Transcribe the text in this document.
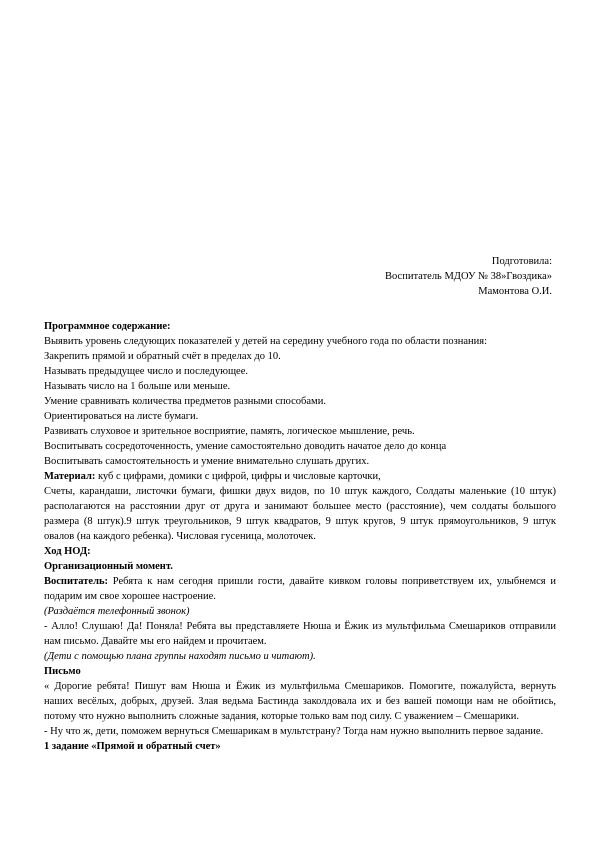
Подготовила:
Воспитатель МДОУ № 38»Гвоздика»
Мамонтова О.И.

Программное содержание:

Выявить уровень следующих показателей у детей на середину учебного года по области познания:

Закрепить прямой и обратный счёт в пределах до 10.

Называть предыдущее число и последующее.

Называть число на 1 больше или меньше.

Умение сравнивать количества предметов разными способами.

Ориентироваться на листе бумаги.

Развивать слуховое и зрительное восприятие, память, логическое мышление, речь.

Воспитывать сосредоточенность, умение самостоятельно доводить начатое дело до конца

Воспитывать самостоятельность и умение внимательно слушать других.

Материал: куб с цифрами, домики с цифрой, цифры и числовые карточки,

Счеты, карандаши, листочки бумаги, фишки двух видов, по 10 штук каждого, Солдаты маленькие (10 штук) располагаются на расстоянии друг от друга и занимают большее место (расстояние), чем солдаты большого размера (8 штук).9 штук треугольников, 9 штук квадратов, 9 штук кругов, 9 штук прямоугольников, 9 штук овалов (на каждого ребенка). Числовая гусеница, молоточек.

Ход НОД:

Организационный момент.

Воспитатель: Ребята к нам сегодня пришли гости, давайте кивком головы поприветствуем их, улыбнемся и подарим им свое хорошее настроение.

(Раздаётся телефонный звонок)

- Алло! Слушаю! Да! Поняла! Ребята вы представляете Нюша и Ёжик из мультфильма Смешариков отправили нам письмо. Давайте мы его найдем и прочитаем.

(Дети с помощью плана группы находят письмо и читают).

Письмо

« Дорогие ребята! Пишут вам Нюша и Ёжик из мультфильма Смешариков. Помогите, пожалуйста, вернуть наших весёлых, добрых, друзей. Злая ведьма Бастинда заколдовала их и без вашей помощи нам не обойтись, потому что нужно выполнить сложные задания, которые только вам под силу. С уважением – Смешарики.

- Ну что ж, дети, поможем вернуться Смешарикам в мультстрану? Тогда нам нужно выполнить первое задание.

1 задание «Прямой и обратный счет»
